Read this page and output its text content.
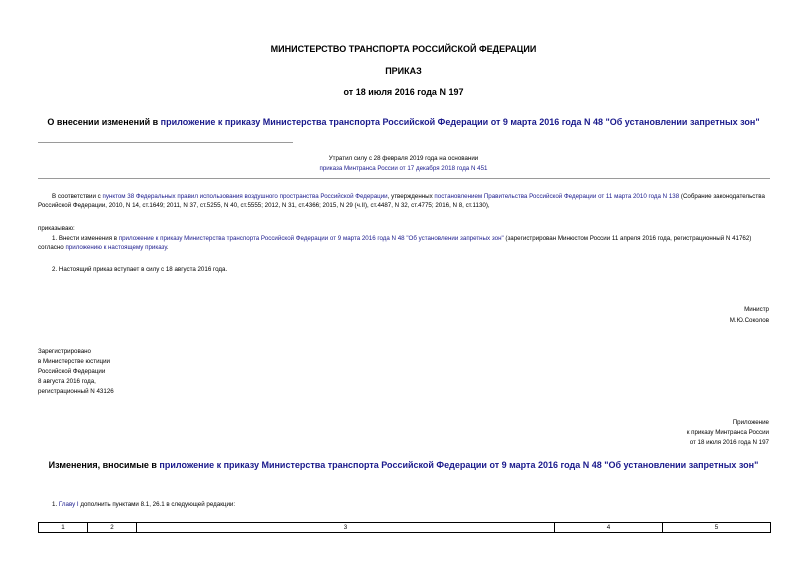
МИНИСТЕРСТВО ТРАНСПОРТА РОССИЙСКОЙ ФЕДЕРАЦИИ
ПРИКАЗ
от 18 июля 2016 года N 197
О внесении изменений в приложение к приказу Министерства транспорта Российской Федерации от 9 марта 2016 года N 48 "Об установлении запретных зон"
Утратил силу с 28 февраля 2019 года на основании
приказа Минтранса России от 17 декабря 2018 года N 451
В соответствии с пунктом 38 Федеральных правил использования воздушного пространства Российской Федерации, утвержденных постановлением Правительства Российской Федерации от 11 марта 2010 года N 138 (Собрание законодательства Российской Федерации, 2010, N 14, ст.1649; 2011, N 37, ст.5255, N 40, ст.5555; 2012, N 31, ст.4366; 2015, N 29 (ч.II), ст.4487, N 32, ст.4775; 2016, N 8, ст.1130),
приказываю:
1. Внести изменения в приложение к приказу Министерства транспорта Российской Федерации от 9 марта 2016 года N 48 "Об установлении запретных зон" (зарегистрирован Минюстом России 11 апреля 2016 года, регистрационный N 41762) согласно приложению к настоящему приказу.
2. Настоящий приказ вступает в силу с 18 августа 2016 года.
Министр
М.Ю.Соколов
Зарегистрировано
в Министерстве юстиции
Российской Федерации
8 августа 2016 года,
регистрационный N 43126
Приложение
к приказу Минтранса России
от 18 июля 2016 года N 197
Изменения, вносимые в приложение к приказу Министерства транспорта Российской Федерации от 9 марта 2016 года N 48 "Об установлении запретных зон"
1. Главу I дополнить пунктами 8.1, 26.1 в следующей редакции:
1	2	3	4	5
